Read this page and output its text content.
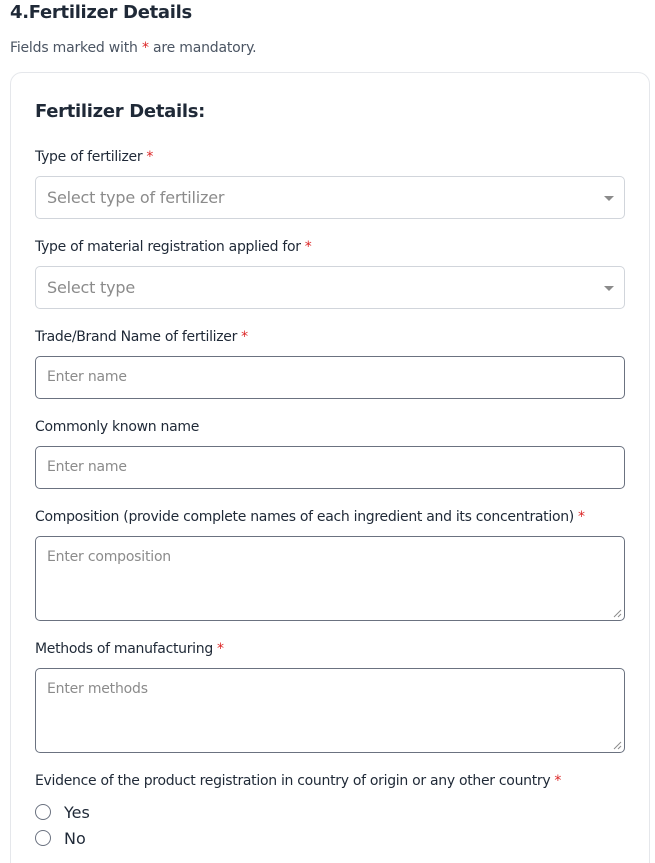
4.Fertilizer Details
Fields marked with * are mandatory.
Fertilizer Details:
Type of fertilizer *
Select type of fertilizer
Type of material registration applied for *
Select type
Trade/Brand Name of fertilizer *
Enter name
Commonly known name
Enter name
Composition (provide complete names of each ingredient and its concentration) *
Enter composition
Methods of manufacturing *
Enter methods
Evidence of the product registration in country of origin or any other country *
Yes
No
